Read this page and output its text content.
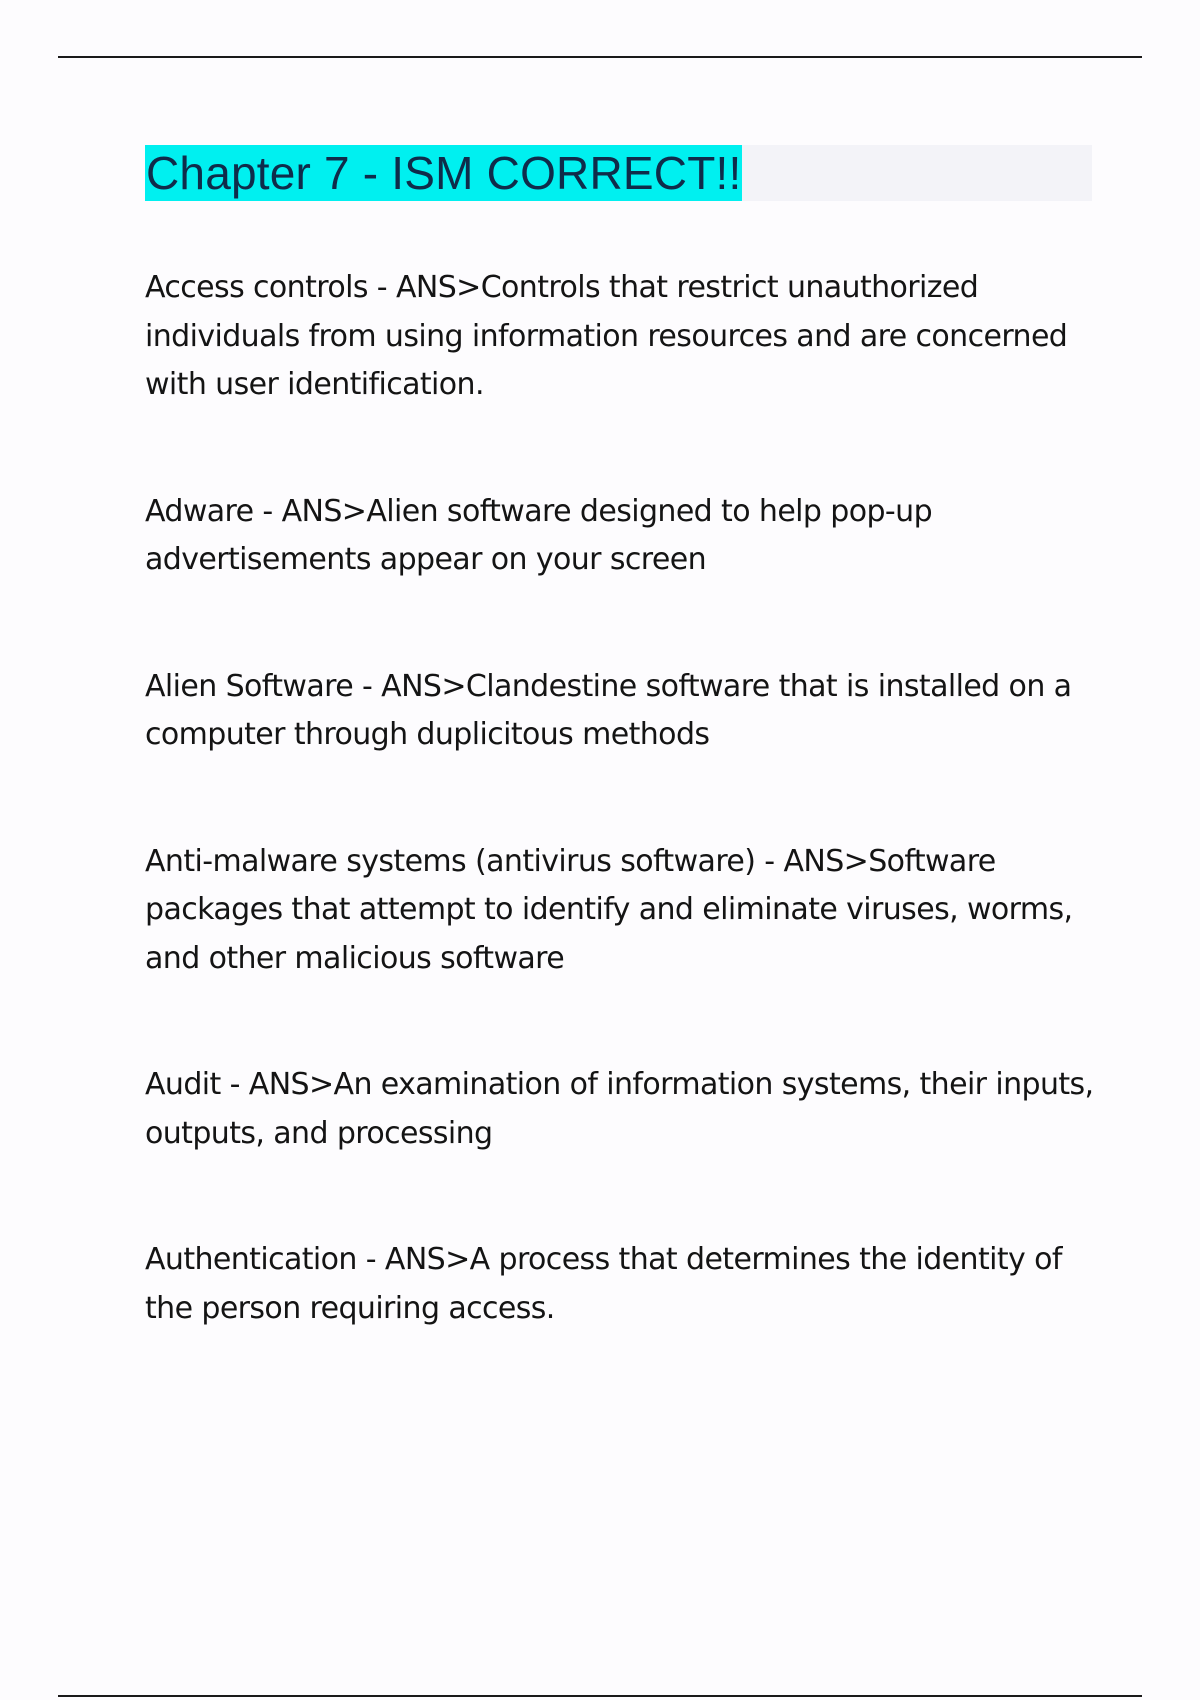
Chapter 7 - ISM CORRECT!!

Access controls - ANS>Controls that restrict unauthorized individuals from using information resources and are concerned with user identification.

Adware - ANS>Alien software designed to help pop-up advertisements appear on your screen

Alien Software - ANS>Clandestine software that is installed on a computer through duplicitous methods

Anti-malware systems (antivirus software) - ANS>Software packages that attempt to identify and eliminate viruses, worms, and other malicious software

Audit - ANS>An examination of information systems, their inputs, outputs, and processing

Authentication - ANS>A process that determines the identity of the person requiring access.
